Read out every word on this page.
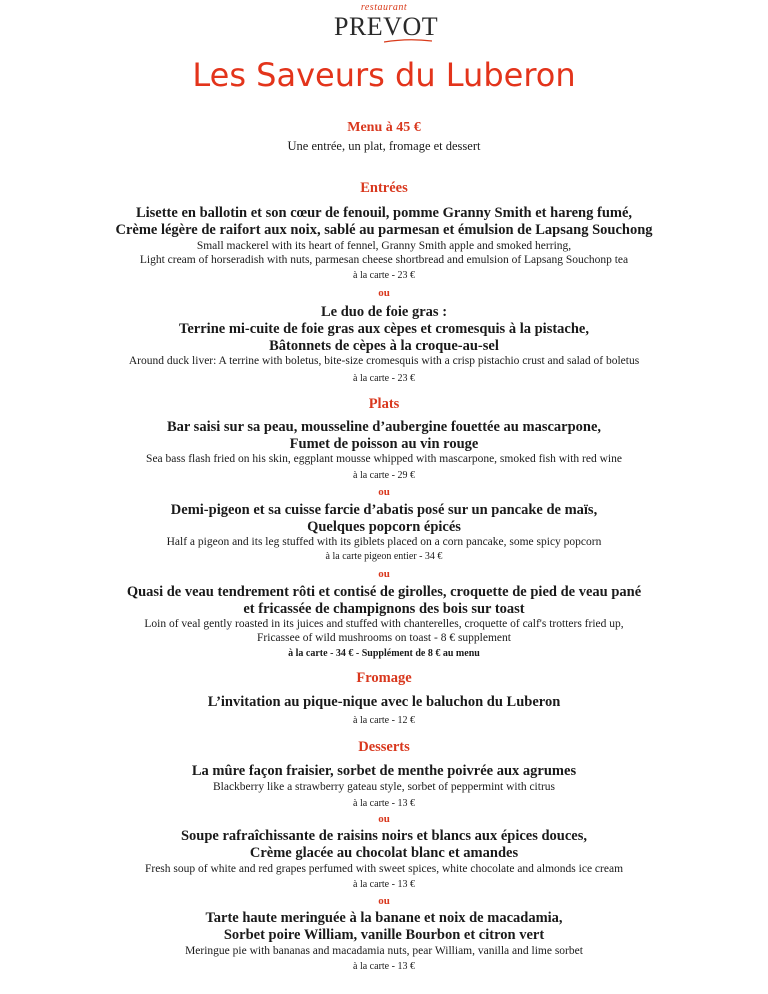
restaurant
PREVOT
Les Saveurs du Luberon
Menu à 45 €
Une entrée, un plat, fromage et dessert
Entrées
Lisette en ballotin et son cœur de fenouil, pomme Granny Smith et hareng fumé,
Crème légère de raifort aux noix, sablé au parmesan et émulsion de Lapsang Souchong
Small mackerel with its heart of fennel, Granny Smith apple and smoked herring,
Light cream of horseradish with nuts, parmesan cheese shortbread and emulsion of Lapsang Souchonp tea
à la carte - 23 €
ou
Le duo de foie gras :
Terrine mi-cuite de foie gras aux cèpes et cromesquis à la pistache,
Bâtonnets de cèpes à la croque-au-sel
Around duck liver: A terrine with boletus, bite-size cromesquis with a crisp pistachio crust and salad of boletus
à la carte - 23 €
Plats
Bar saisi sur sa peau, mousseline d’aubergine fouettée au mascarpone,
Fumet de poisson au vin rouge
Sea bass flash fried on his skin, eggplant mousse whipped with mascarpone, smoked fish with red wine
à la carte - 29 €
ou
Demi-pigeon et sa cuisse farcie d’abatis posé sur un pancake de maïs,
Quelques popcorn épicés
Half a pigeon and its leg stuffed with its giblets placed on a corn pancake, some spicy popcorn
à la carte pigeon entier - 34 €
ou
Quasi de veau tendrement rôti et contisé de girolles, croquette de pied de veau pané
et fricassée de champignons des bois sur toast
Loin of veal gently roasted in its juices and stuffed with chanterelles, croquette of calf's trotters fried up,
Fricassee of wild mushrooms on toast - 8 € supplement
à la carte - 34 € - Supplément de 8 € au menu
Fromage
L’invitation au pique-nique avec le baluchon du Luberon
à la carte - 12 €
Desserts
La mûre façon fraisier, sorbet de menthe poivrée aux agrumes
Blackberry like a strawberry gateau style, sorbet of peppermint with citrus
à la carte - 13 €
ou
Soupe rafraîchissante de raisins noirs et blancs aux épices douces,
Crème glacée au chocolat blanc et amandes
Fresh soup of white and red grapes perfumed with sweet spices, white chocolate and almonds ice cream
à la carte - 13 €
ou
Tarte haute meringuée à la banane et noix de macadamia,
Sorbet poire William, vanille Bourbon et citron vert
Meringue pie with bananas and macadamia nuts, pear William, vanilla and lime sorbet
à la carte - 13 €
